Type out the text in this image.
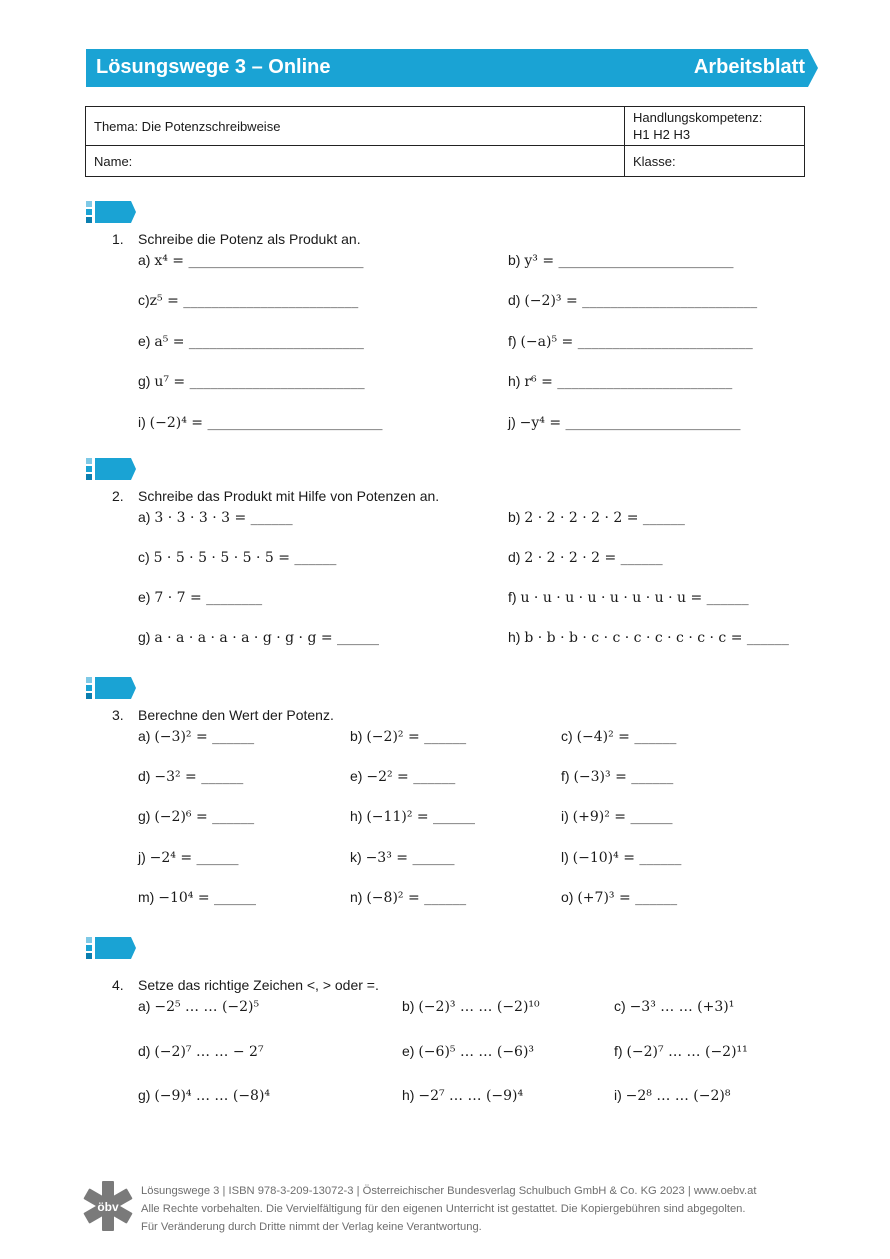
Lösungswege 3 – Online	Arbeitsblatt
Thema: Die Potenzschreibweise	Handlungskompetenz:
H1 H2 H3

Name:	Klasse:
1. Schreibe die Potenz als Produkt an.
a) x⁴ = _________________________	b) y³ = _________________________
c)z⁵ = _________________________	d) (−2)³ = _________________________
e) a⁵ = _________________________	f) (−a)⁵ = _________________________
g) u⁷ = _________________________	h) r⁶ = _________________________
i) (−2)⁴ = _________________________	j) −y⁴ = _________________________
2. Schreibe das Produkt mit Hilfe von Potenzen an.
a) 3 · 3 · 3 · 3 = ______	b) 2 · 2 · 2 · 2 · 2 = ______
c) 5 · 5 · 5 · 5 · 5 · 5 = ______	d) 2 · 2 · 2 · 2 = ______
e) 7 · 7 = ________	f) u · u · u · u · u · u · u · u = ______
g) a · a · a · a · a · g · g · g = ______	h) b · b · b · c · c · c · c · c · c · c = ______
3. Berechne den Wert der Potenz.
a) (−3)² = ______	b) (−2)² = ______	c) (−4)² = ______
d) −3² = ______	e) −2² = ______	f) (−3)³ = ______
g) (−2)⁶ = ______	h) (−11)² = ______	i) (+9)² = ______
j) −2⁴ = ______	k) −3³ = ______	l) (−10)⁴ = ______
m) −10⁴ = ______	n) (−8)² = ______	o) (+7)³ = ______
4. Setze das richtige Zeichen <, > oder =.
a) −2⁵ … … (−2)⁵	b) (−2)³ … … (−2)¹⁰	c) −3³ … … (+3)¹
d) (−2)⁷ … … − 2⁷	e) (−6)⁵ … … (−6)³	f) (−2)⁷ … … (−2)¹¹
g) (−9)⁴ … … (−8)⁴	h) −2⁷ … … (−9)⁴	i) −2⁸ … … (−2)⁸
öbv
Lösungswege 3 | ISBN 978-3-209-13072-3 | Österreichischer Bundesverlag Schulbuch GmbH & Co. KG 2023 | www.oebv.at
Alle Rechte vorbehalten. Die Vervielfältigung für den eigenen Unterricht ist gestattet. Die Kopiergebühren sind abgegolten.
Für Veränderung durch Dritte nimmt der Verlag keine Verantwortung.
